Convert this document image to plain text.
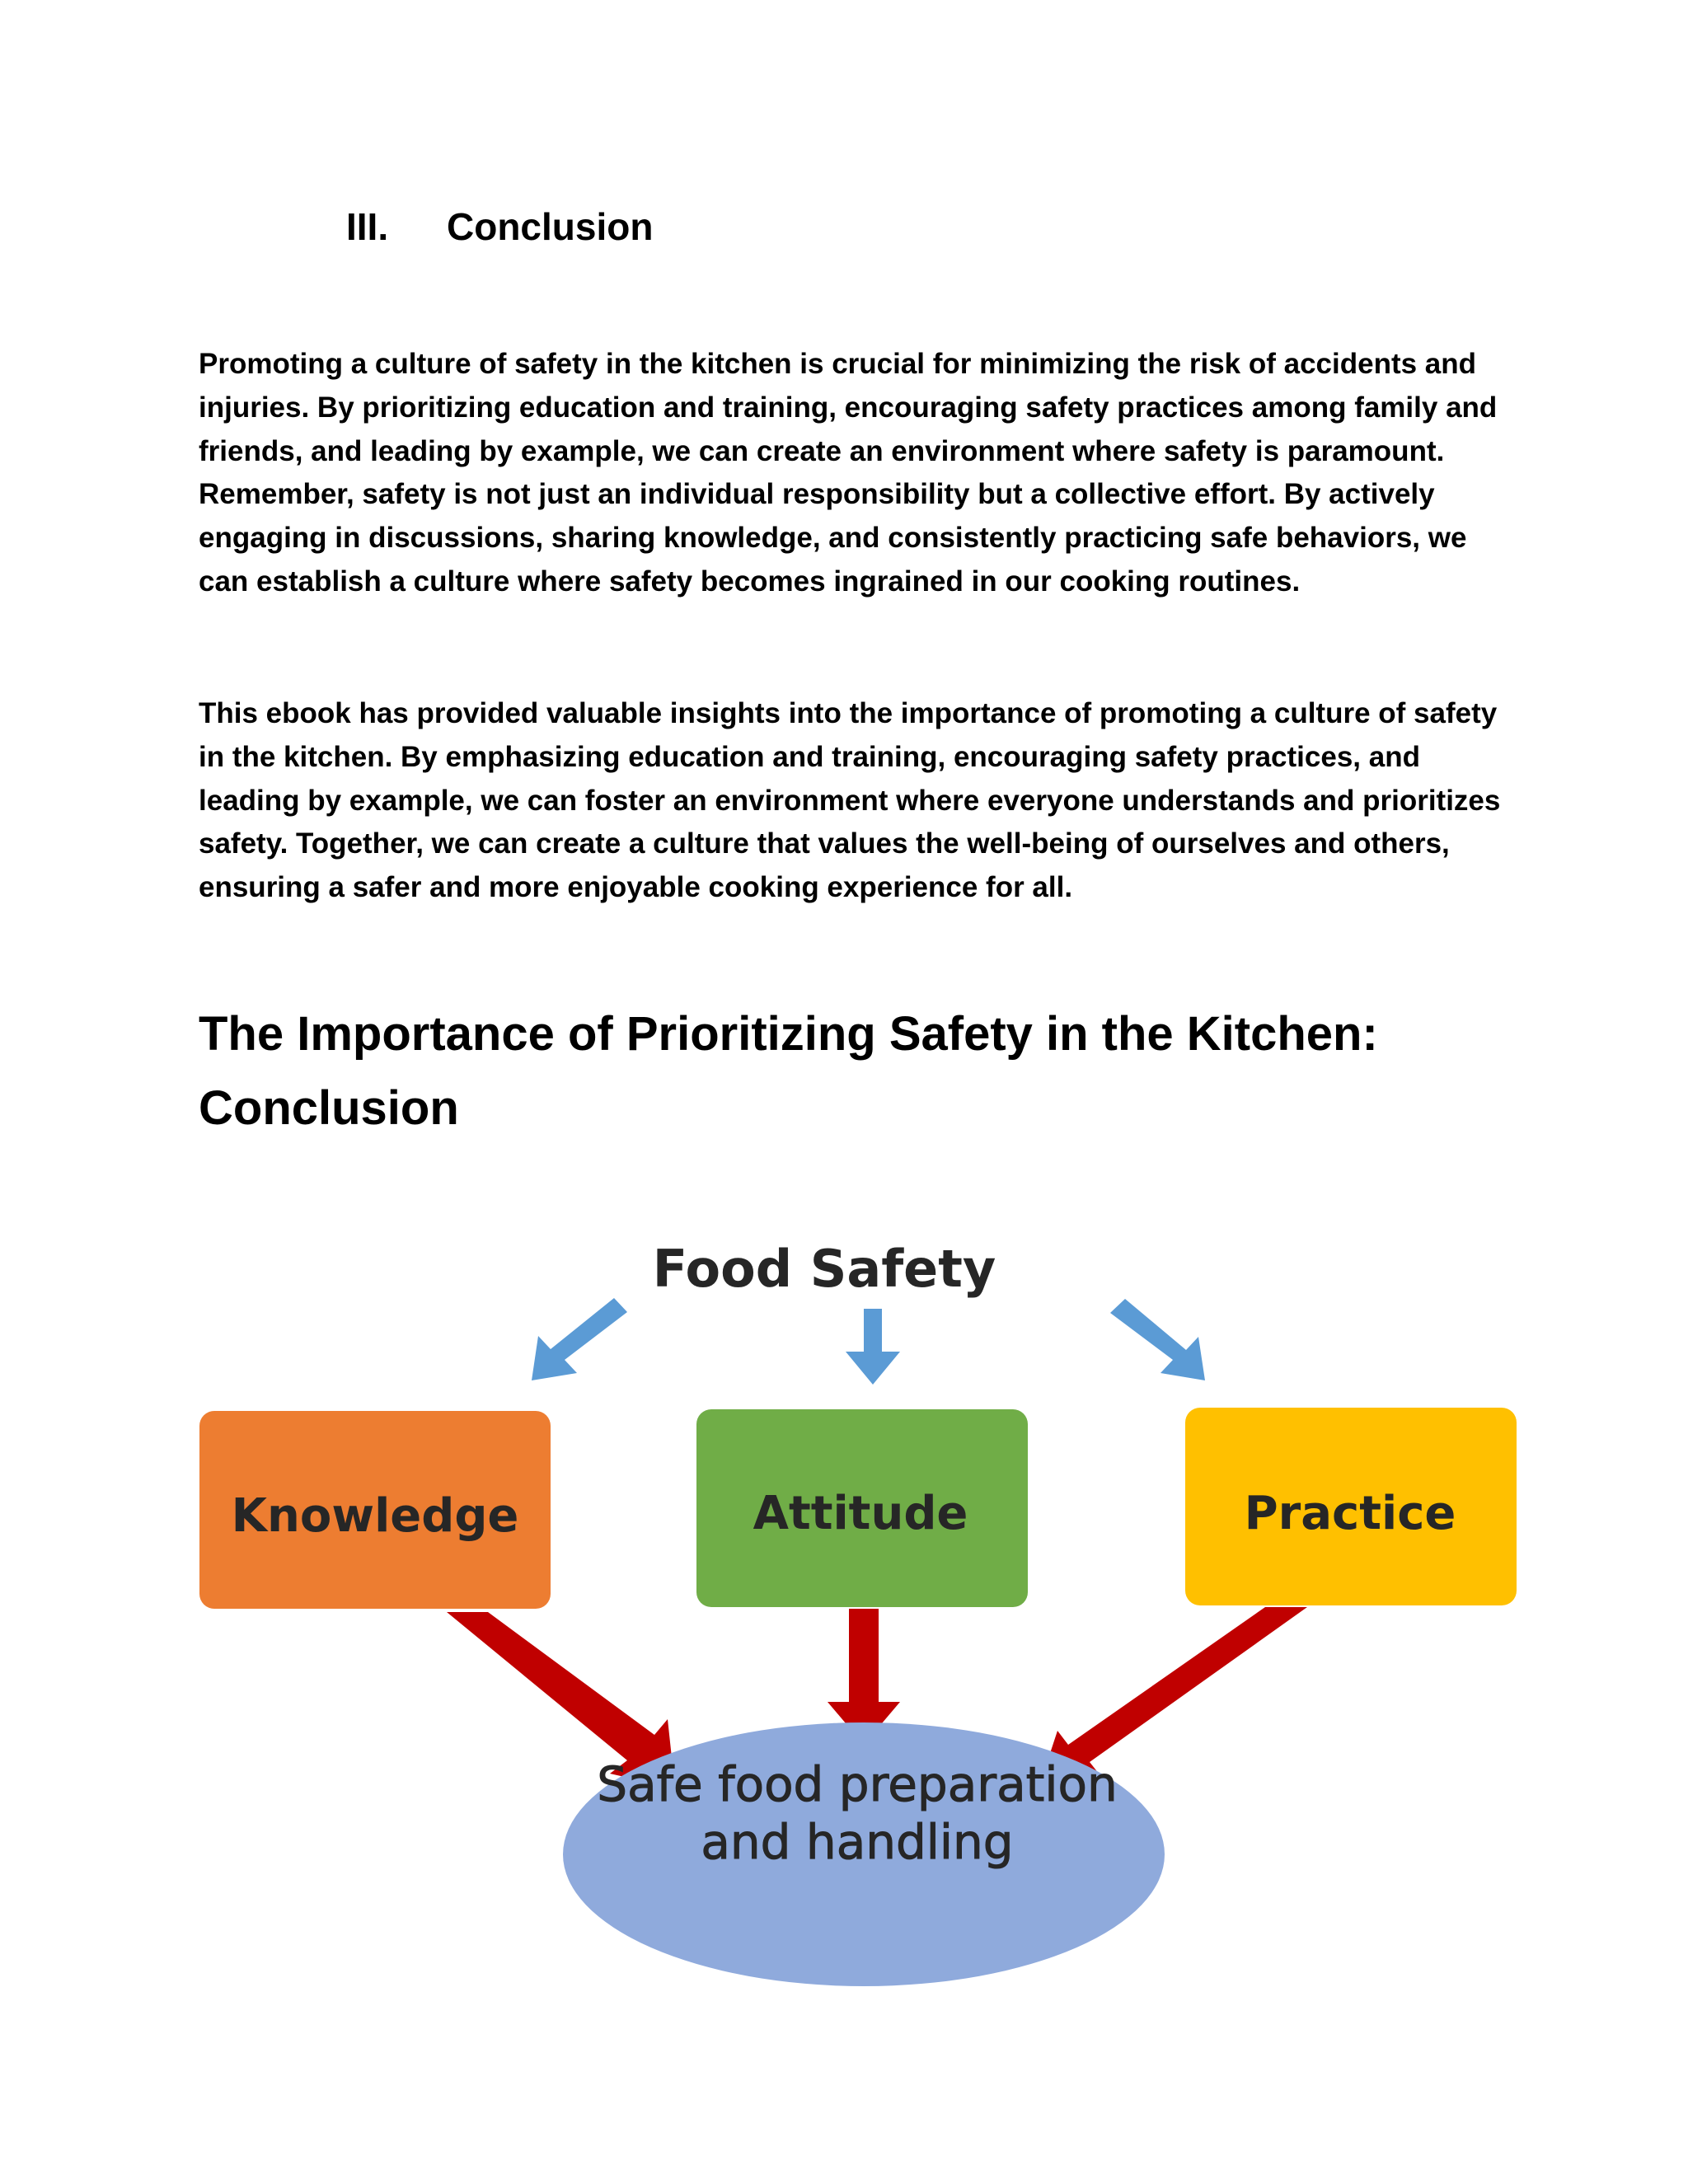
III. Conclusion

Promoting a culture of safety in the kitchen is crucial for minimizing the risk of accidents and injuries. By prioritizing education and training, encouraging safety practices among family and friends, and leading by example, we can create an environment where safety is paramount. Remember, safety is not just an individual responsibility but a collective effort. By actively engaging in discussions, sharing knowledge, and consistently practicing safe behaviors, we can establish a culture where safety becomes ingrained in our cooking routines.

This ebook has provided valuable insights into the importance of promoting a culture of safety in the kitchen. By emphasizing education and training, encouraging safety practices, and leading by example, we can foster an environment where everyone understands and prioritizes safety. Together, we can create a culture that values the well-being of ourselves and others, ensuring a safer and more enjoyable cooking experience for all.

The Importance of Prioritizing Safety in the Kitchen: Conclusion
Food Safety
Knowledge	Attitude	Practice
Safe food preparation and handling
